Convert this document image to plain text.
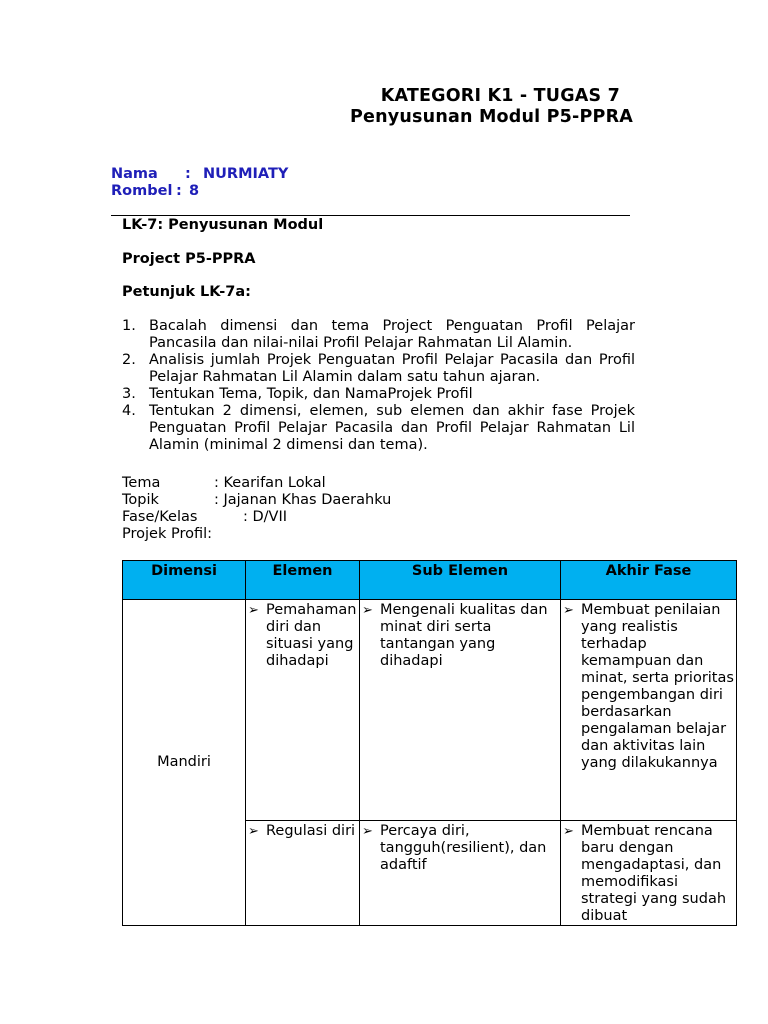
KATEGORI K1 - TUGAS 7
Penyusunan Modul P5-PPRA
Nama : NURMIATY
Rombel : 8
LK-7: Penyusunan Modul
Project P5-PPRA
Petunjuk LK-7a:
1. Bacalah dimensi dan tema Project Penguatan Profil Pelajar Pancasila dan nilai-nilai Profil Pelajar Rahmatan Lil Alamin.
2. Analisis jumlah Projek Penguatan Profil Pelajar Pacasila dan Profil Pelajar Rahmatan Lil Alamin dalam satu tahun ajaran.
3. Tentukan Tema, Topik, dan NamaProjek Profil
4. Tentukan 2 dimensi, elemen, sub elemen dan akhir fase Projek Penguatan Profil Pelajar Pacasila dan Profil Pelajar Rahmatan Lil Alamin (minimal 2 dimensi dan tema).
Tema	: Kearifan Lokal
Topik	: Jajanan Khas Daerahku
Fase/Kelas	: D/VII
Projek Profil:
Dimensi	Elemen	Sub Elemen	Akhir Fase
Mandiri	➢ Pemahaman diri dan situasi yang dihadapi	➢ Mengenali kualitas dan minat diri serta tantangan yang dihadapi	➢ Membuat penilaian yang realistis terhadap kemampuan dan minat, serta prioritas pengembangan diri berdasarkan pengalaman belajar dan aktivitas lain yang dilakukannya

	➢ Regulasi diri	➢ Percaya diri, tangguh(resilient), dan adaftif	➢ Membuat rencana baru dengan mengadaptasi, dan memodifikasi strategi yang sudah dibuat
